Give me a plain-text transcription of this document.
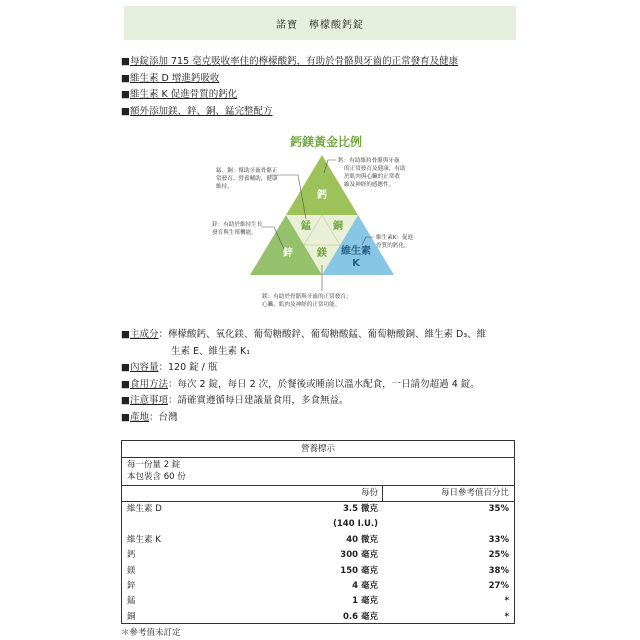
諾寶　檸檬酸鈣錠
■每錠添加 715 毫克吸收率佳的檸檬酸鈣，有助於骨骼與牙齒的正常發育及健康
■維生素 D 增進鈣吸收
■維生素 K 促進骨質的鈣化
■額外添加鎂、鋅、銅、錳完整配方
鈣鎂黃金比例
鈣
錳 銅
鋅 鎂 維生素
K
錳、銅：幫助牙齒骨骼正 常發育、營養輔助，健康 維持。
鈣：有助維持骨骼與牙齒 的正常發育及健康，有助 於肌肉與心臟的正常收 縮及神經的感應性。
鋅：有助於維持生長 發育與生殖機能。
維生素K：促進 骨質的鈣化。
鎂：有助於骨骼與牙齒的正常發育； 心臟、肌肉及神經的正常功能。
■主成分：檸檬酸鈣、氧化鎂、葡萄糖酸鋅、葡萄糖酸錳、葡萄糖酸銅、維生素 D₃、維
生素 E、維生素 K₁
■內容量：120 錠 / 瓶
■食用方法：每次 2 錠，每日 2 次，於餐後或睡前以溫水配食，一日請勿超過 4 錠。
■注意事項：請確實遵循每日建議量食用，多食無益。
■產地：台灣
營養標示
每一份量 2 錠
本包裝含 60 份
每份	每日參考值百分比
維生素 D	3.5 微克	35%
(140 I.U.)
維生素 K	40 微克	33%
鈣	300 毫克	25%
鎂	150 毫克	38%
鋅	4 毫克	27%
錳	1 毫克	*
銅	0.6 毫克	*
＊參考值未訂定
